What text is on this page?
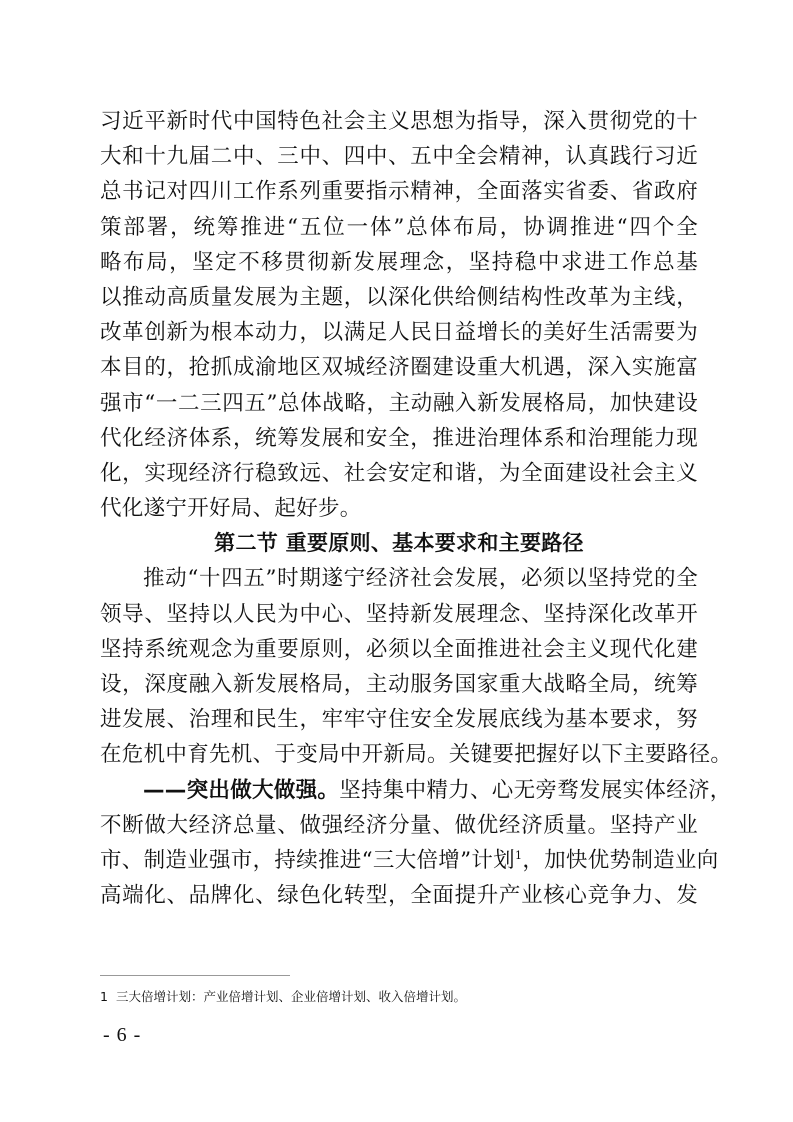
习近平新时代中国特色社会主义思想为指导，深入贯彻党的十
大和十九届二中、三中、四中、五中全会精神，认真践行习近
总书记对四川工作系列重要指示精神，全面落实省委、省政府
策部署，统筹推进“五位一体”总体布局，协调推进“四个全
略布局，坚定不移贯彻新发展理念，坚持稳中求进工作总基
以推动高质量发展为主题，以深化供给侧结构性改革为主线，
改革创新为根本动力，以满足人民日益增长的美好生活需要为
本目的，抢抓成渝地区双城经济圈建设重大机遇，深入实施富
强市“一二三四五”总体战略，主动融入新发展格局，加快建设
代化经济体系，统筹发展和安全，推进治理体系和治理能力现
化，实现经济行稳致远、社会安定和谐，为全面建设社会主义
代化遂宁开好局、起好步。
第二节 重要原则、基本要求和主要路径
推动“十四五”时期遂宁经济社会发展，必须以坚持党的全
领导、坚持以人民为中心、坚持新发展理念、坚持深化改革开
坚持系统观念为重要原则，必须以全面推进社会主义现代化建
设，深度融入新发展格局，主动服务国家重大战略全局，统筹
进发展、治理和民生，牢牢守住安全发展底线为基本要求，努
在危机中育先机、于变局中开新局。关键要把握好以下主要路径。
——突出做大做强。坚持集中精力、心无旁骛发展实体经济，
不断做大经济总量、做强经济分量、做优经济质量。坚持产业
市、制造业强市，持续推进“三大倍增”计划$^1$，加快优势制造业向
高端化、品牌化、绿色化转型，全面提升产业核心竞争力、发
1 三大倍增计划：产业倍增计划、企业倍增计划、收入倍增计划。
- 6 -
